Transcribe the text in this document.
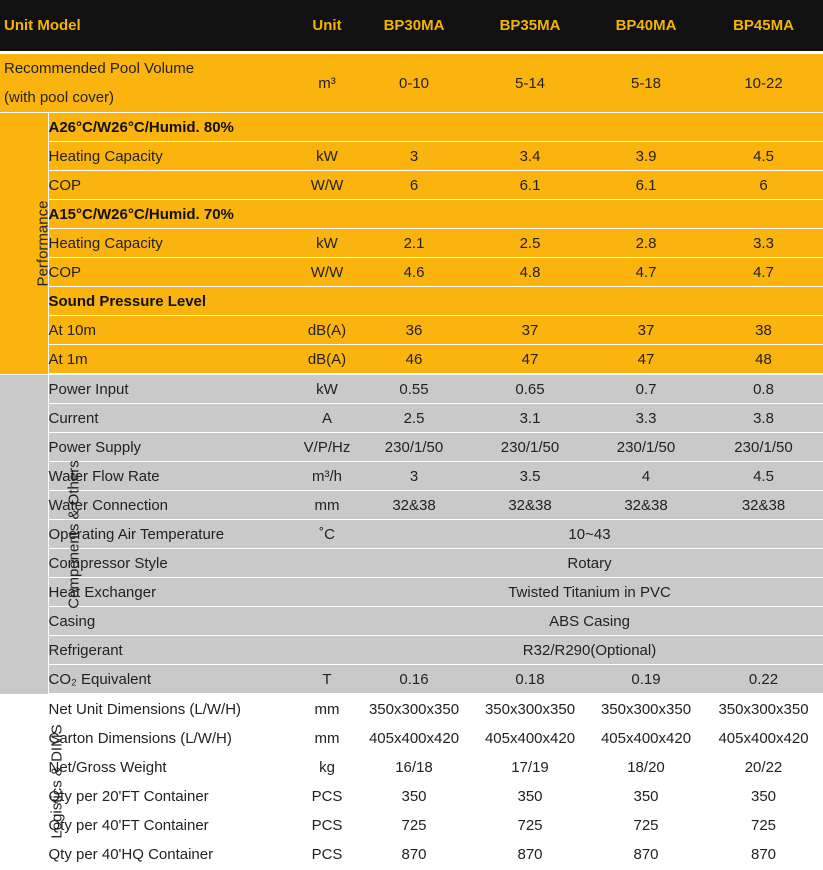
Unit Model		Unit	BP30MA	BP35MA	BP40MA	BP45MA

Recommended Pool Volume
(with pool cover)		m³	0-10	5-14	5-18	10-22
Performance	A26°C/W26°C/Humid. 80%					
	Heating Capacity	kW	3	3.4	3.9	4.5
	COP	W/W	6	6.1	6.1	6
	A15°C/W26°C/Humid. 70%					
	Heating Capacity	kW	2.1	2.5	2.8	3.3
	COP	W/W	4.6	4.8	4.7	4.7
	Sound Pressure Level					
	At 10m	dB(A)	36	37	37	38
	At 1m	dB(A)	46	47	47	48
Components & Others	Power Input	kW	0.55	0.65	0.7	0.8
	Current	A	2.5	3.1	3.3	3.8
	Power Supply	V/P/Hz	230/1/50	230/1/50	230/1/50	230/1/50
	Water Flow Rate	m³/h	3	3.5	4	4.5
	Water Connection	mm	32&38	32&38	32&38	32&38
	Operating Air Temperature	˚C	10~43			
	Compressor Style		Rotary			
	Heat Exchanger		Twisted Titanium in PVC			
	Casing		ABS Casing			
	Refrigerant		R32/R290(Optional)			
	CO₂ Equivalent	T	0.16	0.18	0.19	0.22
Logistics & DIMS	Net Unit Dimensions (L/W/H)	mm	350x300x350	350x300x350	350x300x350	350x300x350
	Carton Dimensions (L/W/H)	mm	405x400x420	405x400x420	405x400x420	405x400x420
	Net/Gross Weight	kg	16/18	17/19	18/20	20/22
	Qty per 20'FT Container	PCS	350	350	350	350
	Qty per 40'FT Container	PCS	725	725	725	725
	Qty per 40'HQ Container	PCS	870	870	870	870
